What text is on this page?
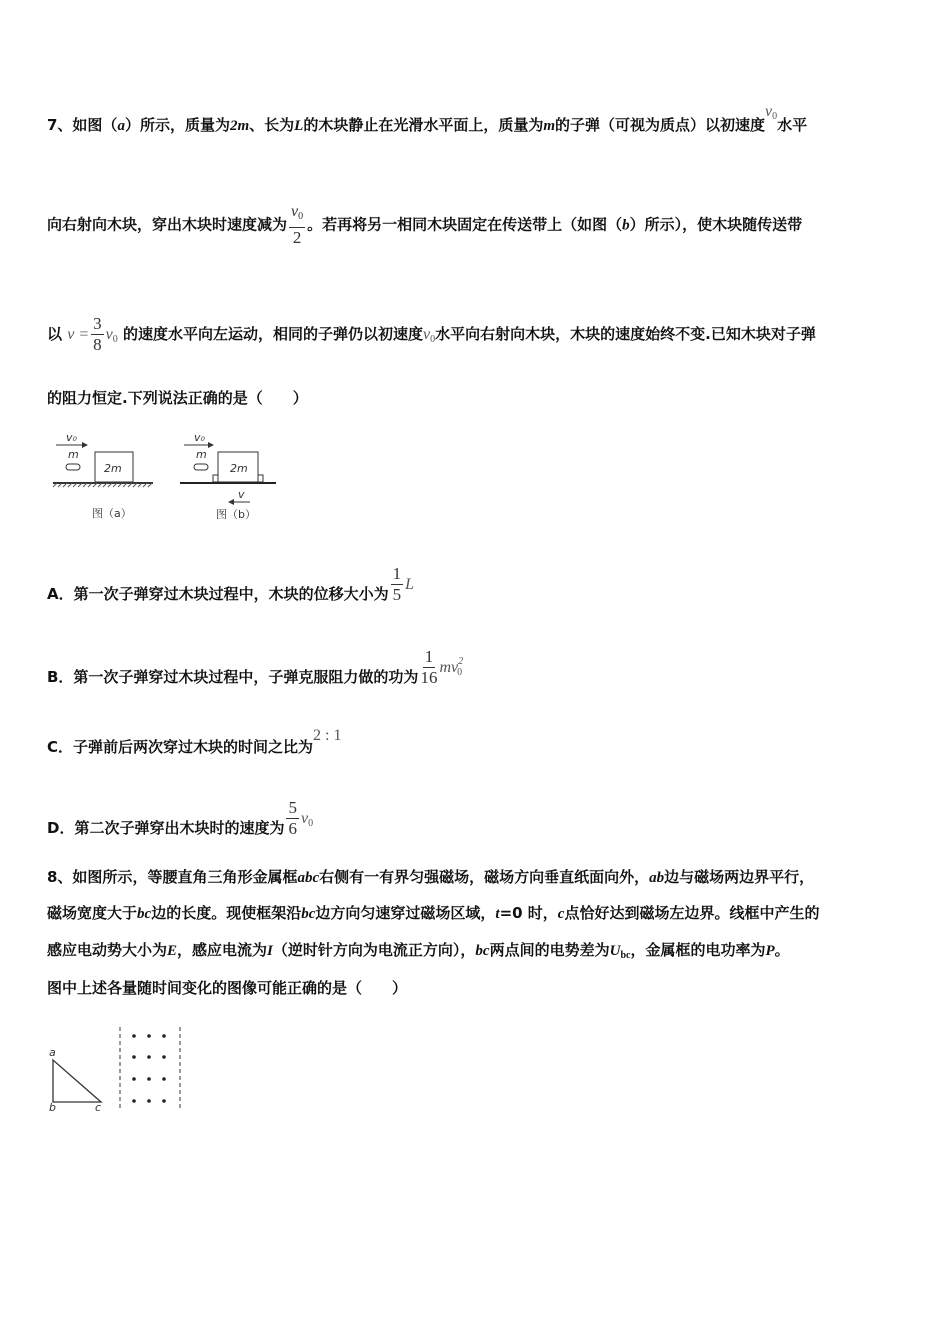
7、如图（a）所示，质量为2m、长为L的木块静止在光滑水平面上，质量为m的子弹（可视为质点）以初速度$v_0$水平
向右射向木块，穿出木块时速度减为 $\frac{v_0}{2}$ 。若再将另一相同木块固定在传送带上（如图（b）所示），使木块随传送带
以 $v = \frac{3}{8} v_0$ 的速度水平向左运动，相同的子弹仍以初速度$v_0$水平向右射向木块，木块的速度始终不变.已知木块对子弹
的阻力恒定.下列说法正确的是（　　）
v₀
m
2m
图（a）
v₀
m
2m
v
图（b）
A．第一次子弹穿过木块过程中，木块的位移大小为 $\frac{1}{5}$ L
B．第一次子弹穿过木块过程中，子弹克服阻力做的功为 $\frac{1}{16} mv^2_0$
C．子弹前后两次穿过木块的时间之比为2 : 1
D．第二次子弹穿出木块时的速度为 $\frac{5}{6} v_0$
8、如图所示，等腰直角三角形金属框abc右侧有一有界匀强磁场，磁场方向垂直纸面向外，ab边与磁场两边界平行，
磁场宽度大于bc边的长度。现使框架沿bc边方向匀速穿过磁场区域，t=0 时，c点恰好达到磁场左边界。线框中产生的
感应电动势大小为E，感应电流为I（逆时针方向为电流正方向），bc两点间的电势差为$U_{bc}$，金属框的电功率为P。
图中上述各量随时间变化的图像可能正确的是（　　）
a
b	c
